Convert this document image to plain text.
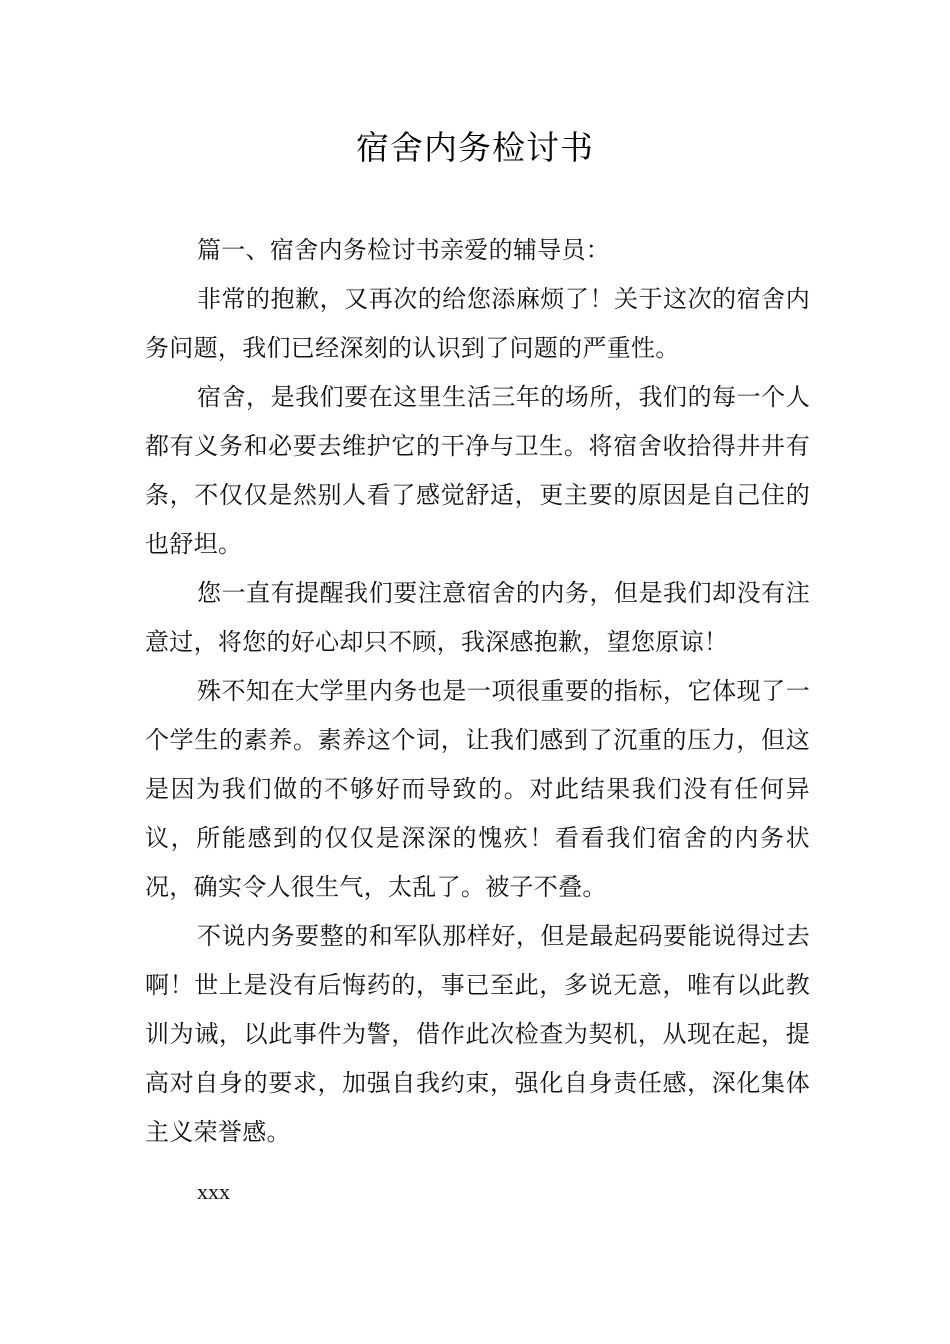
宿舍内务检讨书

篇一、宿舍内务检讨书亲爱的辅导员：

非常的抱歉，又再次的给您添麻烦了！关于这次的宿舍内务问题，我们已经深刻的认识到了问题的严重性。

宿舍，是我们要在这里生活三年的场所，我们的每一个人都有义务和必要去维护它的干净与卫生。将宿舍收拾得井井有条，不仅仅是然别人看了感觉舒适，更主要的原因是自己住的也舒坦。

您一直有提醒我们要注意宿舍的内务，但是我们却没有注意过，将您的好心却只不顾，我深感抱歉，望您原谅！

殊不知在大学里内务也是一项很重要的指标，它体现了一个学生的素养。素养这个词，让我们感到了沉重的压力，但这是因为我们做的不够好而导致的。对此结果我们没有任何异议，所能感到的仅仅是深深的愧疚！看看我们宿舍的内务状况，确实令人很生气，太乱了。被子不叠。

不说内务要整的和军队那样好，但是最起码要能说得过去啊！世上是没有后悔药的，事已至此，多说无意，唯有以此教训为诫，以此事件为警，借作此次检查为契机，从现在起，提高对自身的要求，加强自我约束，强化自身责任感，深化集体主义荣誉感。

xxx
